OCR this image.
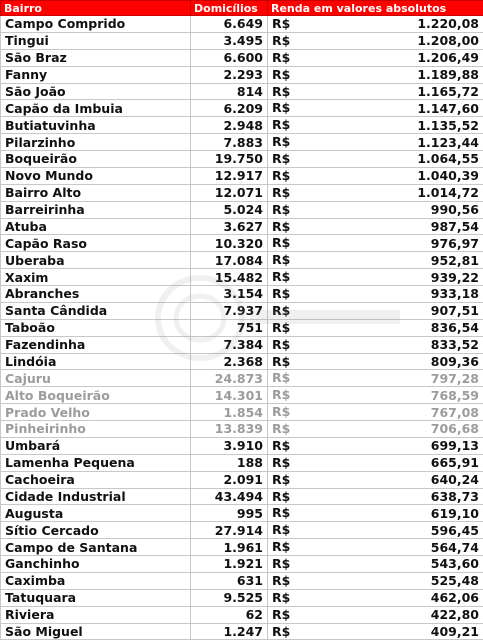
Bairro	Domicílios	Renda em valores absolutos
Campo Comprido	6.649	R$ 1.220,08

Tingui	3.495	R$ 1.208,00

São Braz	6.600	R$ 1.206,49

Fanny	2.293	R$ 1.189,88

São João	814	R$ 1.165,72

Capão da Imbuia	6.209	R$ 1.147,60

Butiatuvinha	2.948	R$ 1.135,52

Pilarzinho	7.883	R$ 1.123,44

Boqueirão	19.750	R$ 1.064,55

Novo Mundo	12.917	R$ 1.040,39

Bairro Alto	12.071	R$ 1.014,72

Barreirinha	5.024	R$ 990,56

Atuba	3.627	R$ 987,54

Capão Raso	10.320	R$ 976,97

Uberaba	17.084	R$ 952,81

Xaxim	15.482	R$ 939,22

Abranches	3.154	R$ 933,18

Santa Cândida	7.937	R$ 907,51

Taboão	751	R$ 836,54

Fazendinha	7.384	R$ 833,52

Lindóia	2.368	R$ 809,36

Cajuru	24.873	R$ 797,28

Alto Boqueirão	14.301	R$ 768,59

Prado Velho	1.854	R$ 767,08

Pinheirinho	13.839	R$ 706,68

Umbará	3.910	R$ 699,13

Lamenha Pequena	188	R$ 665,91

Cachoeira	2.091	R$ 640,24

Cidade Industrial	43.494	R$ 638,73

Augusta	995	R$ 619,10

Sítio Cercado	27.914	R$ 596,45

Campo de Santana	1.961	R$ 564,74

Ganchinho	1.921	R$ 543,60

Caximba	631	R$ 525,48

Tatuquara	9.525	R$ 462,06

Riviera	62	R$ 422,80

São Miguel	1.247	R$ 409,21
